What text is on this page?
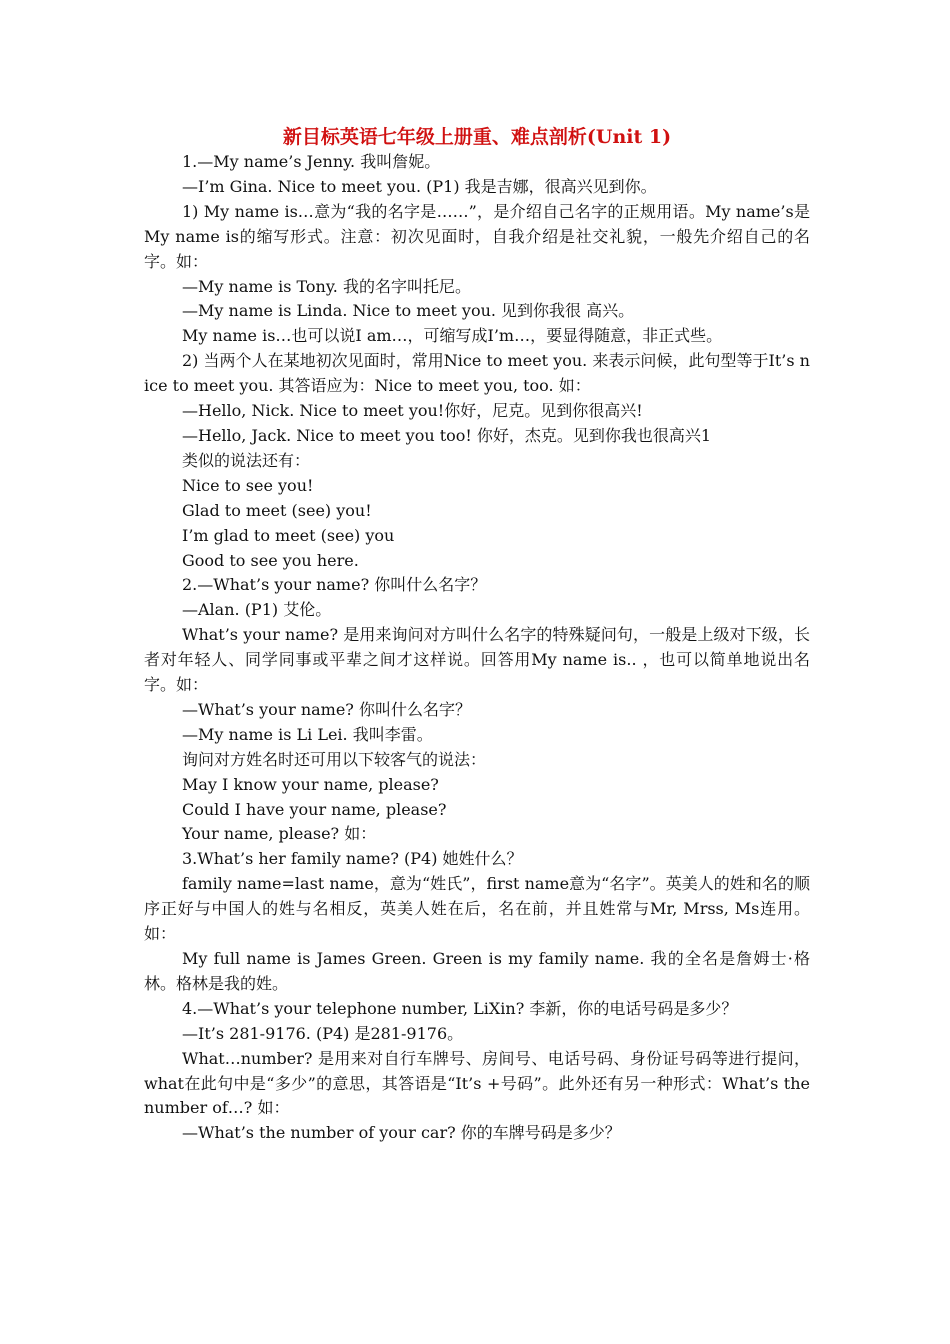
新目标英语七年级上册重、难点剖析(Unit 1)

1.—My name’s Jenny. 我叫詹妮。

—I’m Gina. Nice to meet you. (P1) 我是吉娜，很高兴见到你。

1) My name is…意为“我的名字是……”，是介绍自己名字的正规用语。My name’s是My name is的缩写形式。注意：初次见面时，自我介绍是社交礼貌，一般先介绍自己的名字。如：

—My name is Tony. 我的名字叫托尼。

—My name is Linda. Nice to meet you. 见到你我很 高兴。

My name is…也可以说I am…，可缩写成I’m…，要显得随意，非正式些。

2) 当两个人在某地初次见面时，常用Nice to meet you. 来表示问候，此句型等于It’s nice to meet you. 其答语应为：Nice to meet you, too. 如：

—Hello, Nick. Nice to meet you!你好，尼克。见到你很高兴!

—Hello, Jack. Nice to meet you too! 你好，杰克。见到你我也很高兴1

类似的说法还有：

Nice to see you!

Glad to meet (see) you!

I’m glad to meet (see) you

Good to see you here.

2.—What’s your name? 你叫什么名字？

—Alan. (P1) 艾伦。

What’s your name? 是用来询问对方叫什么名字的特殊疑问句，一般是上级对下级，长者对年轻人、同学同事或平辈之间才这样说。回答用My name is.. ，也可以简单地说出名字。如：

—What’s your name? 你叫什么名字？

—My name is Li Lei. 我叫李雷。

询问对方姓名时还可用以下较客气的说法：

May I know your name, please?

Could I have your name, please?

Your name, please? 如：

3.What’s her family name? (P4) 她姓什么？

family name=last name，意为“姓氏”，first name意为“名字”。英美人的姓和名的顺序正好与中国人的姓与名相反，英美人姓在后，名在前，并且姓常与Mr, Mrss, Ms连用。如：

My full name is James Green. Green is my family name. 我的全名是詹姆士·格林。格林是我的姓。

4.—What’s your telephone number, LiXin? 李新，你的电话号码是多少？

—It’s 281-9176. (P4) 是281-9176。

What…number? 是用来对自行车牌号、房间号、电话号码、身份证号码等进行提问，what在此句中是“多少”的意思，其答语是“It’s +号码”。此外还有另一种形式：What’s the number of…? 如：

—What’s the number of your car? 你的车牌号码是多少？
